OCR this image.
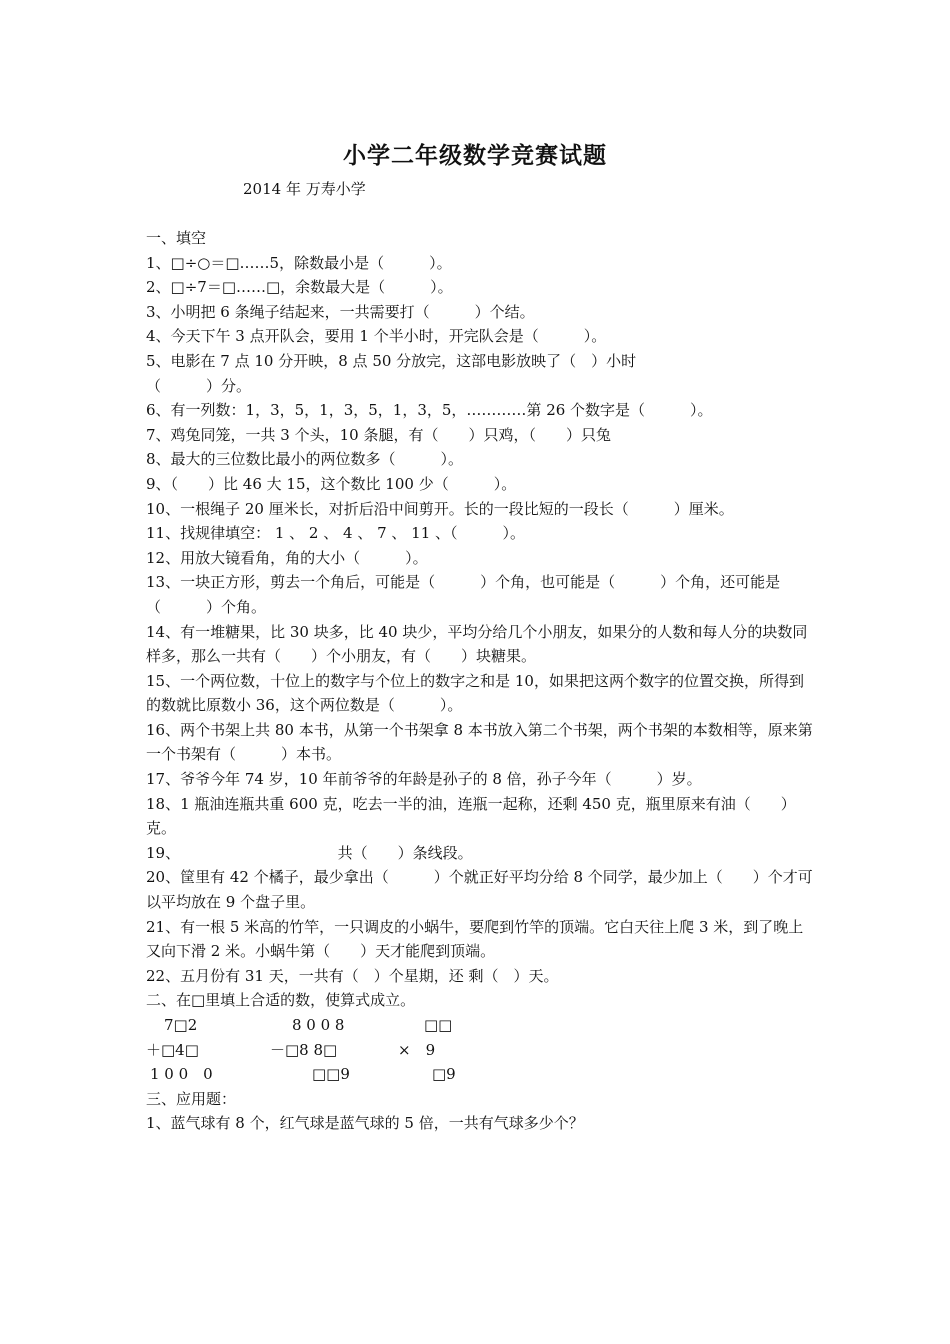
小学二年级数学竞赛试题
2014 年 万寿小学
一、填空
1、□÷○＝□……5，除数最小是（　　　）。
2、□÷7＝□……□，余数最大是（　　　）。
3、小明把 6 条绳子结起来，一共需要打（　　　）个结。
4、今天下午 3 点开队会，要用 1 个半小时，开完队会是（　　　）。
5、电影在 7 点 10 分开映，8 点 50 分放完，这部电影放映了（　）小时
（　　　）分。
6、有一列数：1，3，5，1，3，5，1，3，5，…………第 26 个数字是（　　　）。
7、鸡兔同笼，一共 3 个头，10 条腿，有（　　）只鸡，（　　）只兔
8、最大的三位数比最小的两位数多（　　　）。
9、（　　）比 46 大 15，这个数比 100 少（　　　）。
10、一根绳子 20 厘米长，对折后沿中间剪开。长的一段比短的一段长（　　　）厘米。
11、找规律填空： 1 、 2 、 4 、 7 、 11 、（　　　）。
12、用放大镜看角，角的大小（　　　）。
13、一块正方形，剪去一个角后，可能是（　　　）个角，也可能是（　　　）个角，还可能是（　　　）个角。
14、有一堆糖果，比 30 块多，比 40 块少，平均分给几个小朋友，如果分的人数和每人分的块数同样多，那么一共有（　　）个小朋友，有（　　）块糖果。
15、一个两位数，十位上的数字与个位上的数字之和是 10，如果把这两个数字的位置交换，所得到的数就比原数小 36，这个两位数是（　　　）。
16、两个书架上共 80 本书，从第一个书架拿 8 本书放入第二个书架，两个书架的本数相等，原来第一个书架有（　　　）本书。
17、爷爷今年 74 岁，10 年前爷爷的年龄是孙子的 8 倍，孙子今年（　　　）岁。
18、1 瓶油连瓶共重 600 克，吃去一半的油，连瓶一起称，还剩 450 克，瓶里原来有油（　　）克。
19、　　　　　　　　　　　共（　　）条线段。
20、筐里有 42 个橘子，最少拿出（　　　）个就正好平均分给 8 个同学，最少加上（　　）个才可以平均放在 9 个盘子里。
21、有一根 5 米高的竹竿，一只调皮的小蜗牛，要爬到竹竿的顶端。它白天往上爬 3 米，到了晚上又向下滑 2 米。小蜗牛第（　　）天才能爬到顶端。
22、五月份有 31 天，一共有（　）个星期，还 剩（　）天。
二、在□里填上合适的数，使算式成立。
7□2	8 0 0 8	□□
＋□4□	－□8 8□	×　9
1 0 0　0	□□9	□9
三、应用题：
1、蓝气球有 8 个，红气球是蓝气球的 5 倍，一共有气球多少个？
